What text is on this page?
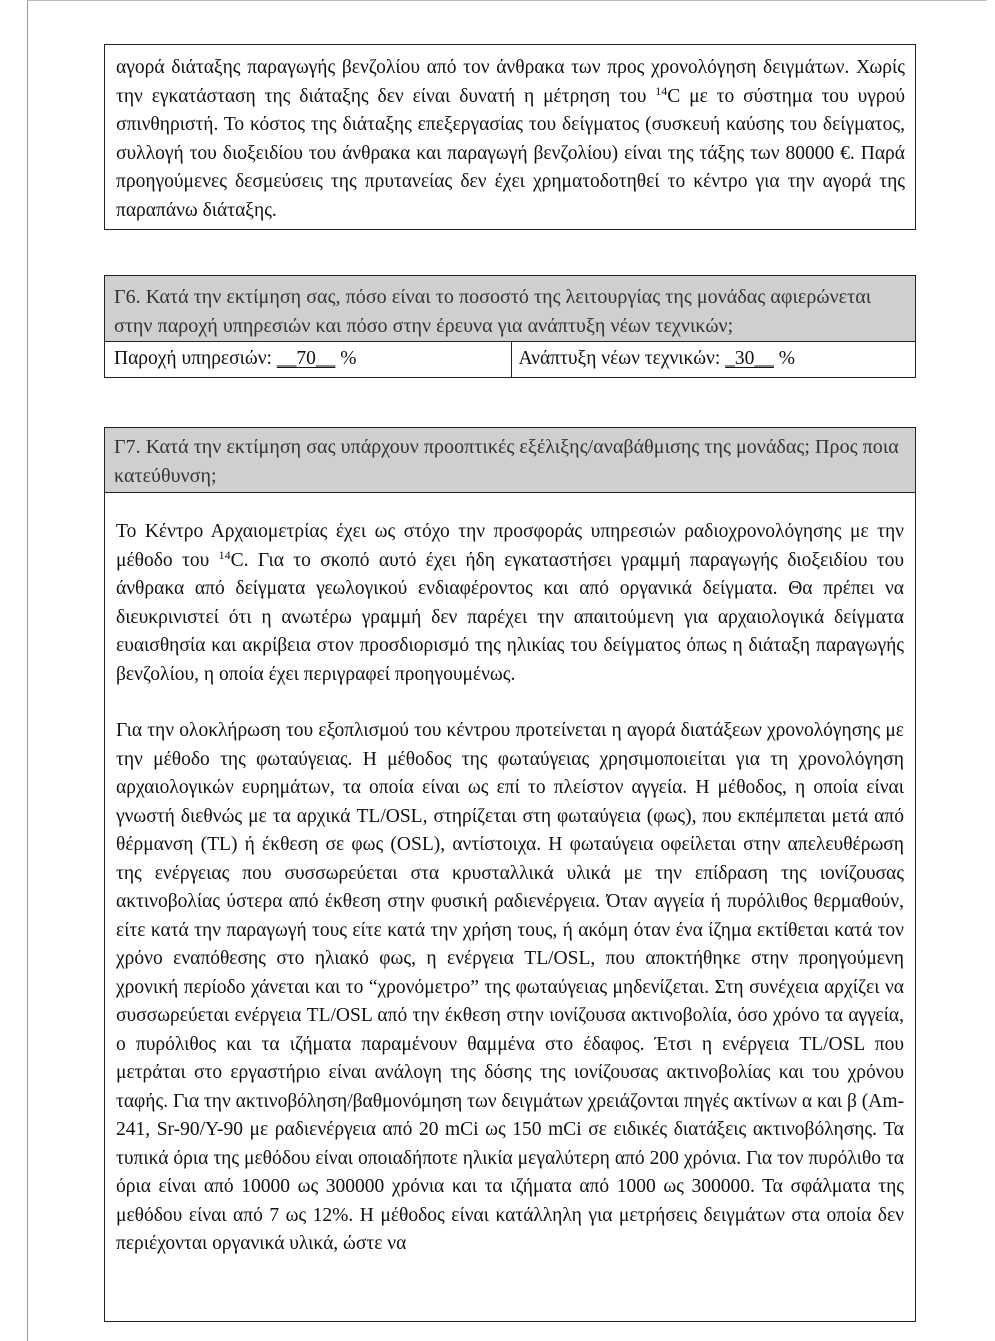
αγορά διάταξης παραγωγής βενζολίου από τον άνθρακα των προς χρονολόγηση δειγμάτων. Χωρίς την εγκατάσταση της διάταξης δεν είναι δυνατή η μέτρηση του $^{14}$C με το σύστημα του υγρού σπινθηριστή. Το κόστος της διάταξης επεξεργασίας του δείγματος (συσκευή καύσης του δείγματος, συλλογή του διοξειδίου του άνθρακα και παραγωγή βενζολίου) είναι της τάξης των 80000 €. Παρά προηγούμενες δεσμεύσεις της πρυτανείας δεν έχει χρηματοδοτηθεί το κέντρο για την αγορά της παραπάνω διάταξης.

Γ6. Κατά την εκτίμηση σας, πόσο είναι το ποσοστό της λειτουργίας της μονάδας αφιερώνεται στην παροχή υπηρεσιών και πόσο στην έρευνα για ανάπτυξη νέων τεχνικών;

Παροχή υπηρεσιών: __70__ %	Ανάπτυξη νέων τεχνικών: _30__ %

Γ7. Κατά την εκτίμηση σας υπάρχουν προοπτικές εξέλιξης/αναβάθμισης της μονάδας; Προς ποια κατεύθυνση;

Το Κέντρο Αρχαιομετρίας έχει ως στόχο την προσφοράς υπηρεσιών ραδιοχρονολόγησης με την μέθοδο του $^{14}$C. Για το σκοπό αυτό έχει ήδη εγκαταστήσει γραμμή παραγωγής διοξειδίου του άνθρακα από δείγματα γεωλογικού ενδιαφέροντος και από οργανικά δείγματα. Θα πρέπει να διευκρινιστεί ότι η ανωτέρω γραμμή δεν παρέχει την απαιτούμενη για αρχαιολογικά δείγματα ευαισθησία και ακρίβεια στον προσδιορισμό της ηλικίας του δείγματος όπως η διάταξη παραγωγής βενζολίου, η οποία έχει περιγραφεί προηγουμένως.

Για την ολοκλήρωση του εξοπλισμού του κέντρου προτείνεται η αγορά διατάξεων χρονολόγησης με την μέθοδο της φωταύγειας. Η μέθοδος της φωταύγειας χρησιμοποιείται για τη χρονολόγηση αρχαιολογικών ευρημάτων, τα οποία είναι ως επί το πλείστον αγγεία. Η μέθοδος, η οποία είναι γνωστή διεθνώς με τα αρχικά TL/OSL, στηρίζεται στη φωταύγεια (φως), που εκπέμπεται μετά από θέρμανση (TL) ή έκθεση σε φως (OSL), αντίστοιχα. Η φωταύγεια οφείλεται στην απελευθέρωση της ενέργειας που συσσωρεύεται στα κρυσταλλικά υλικά με την επίδραση της ιονίζουσας ακτινοβολίας ύστερα από έκθεση στην φυσική ραδιενέργεια. Όταν αγγεία ή πυρόλιθος θερμαθούν, είτε κατά την παραγωγή τους είτε κατά την χρήση τους, ή ακόμη όταν ένα ίζημα εκτίθεται κατά τον χρόνο εναπόθεσης στο ηλιακό φως, η ενέργεια TL/OSL, που αποκτήθηκε στην προηγούμενη χρονική περίοδο χάνεται και το “χρονόμετρο” της φωταύγειας μηδενίζεται. Στη συνέχεια αρχίζει να συσσωρεύεται ενέργεια TL/OSL από την έκθεση στην ιονίζουσα ακτινοβολία, όσο χρόνο τα αγγεία, ο πυρόλιθος και τα ιζήματα παραμένουν θαμμένα στο έδαφος. Έτσι η ενέργεια TL/OSL που μετράται στο εργαστήριο είναι ανάλογη της δόσης της ιονίζουσας ακτινοβολίας και του χρόνου ταφής. Για την ακτινοβόληση/βαθμονόμηση των δειγμάτων χρειάζονται πηγές ακτίνων α και β (Am-241, Sr-90/Y-90 με ραδιενέργεια από 20 mCi ως 150 mCi σε ειδικές διατάξεις ακτινοβόλησης. Τα τυπικά όρια της μεθόδου είναι οποιαδήποτε ηλικία μεγαλύτερη από 200 χρόνια. Για τον πυρόλιθο τα όρια είναι από 10000 ως 300000 χρόνια και τα ιζήματα από 1000 ως 300000. Τα σφάλματα της μεθόδου είναι από 7 ως 12%. Η μέθοδος είναι κατάλληλη για μετρήσεις δειγμάτων στα οποία δεν περιέχονται οργανικά υλικά, ώστε να
